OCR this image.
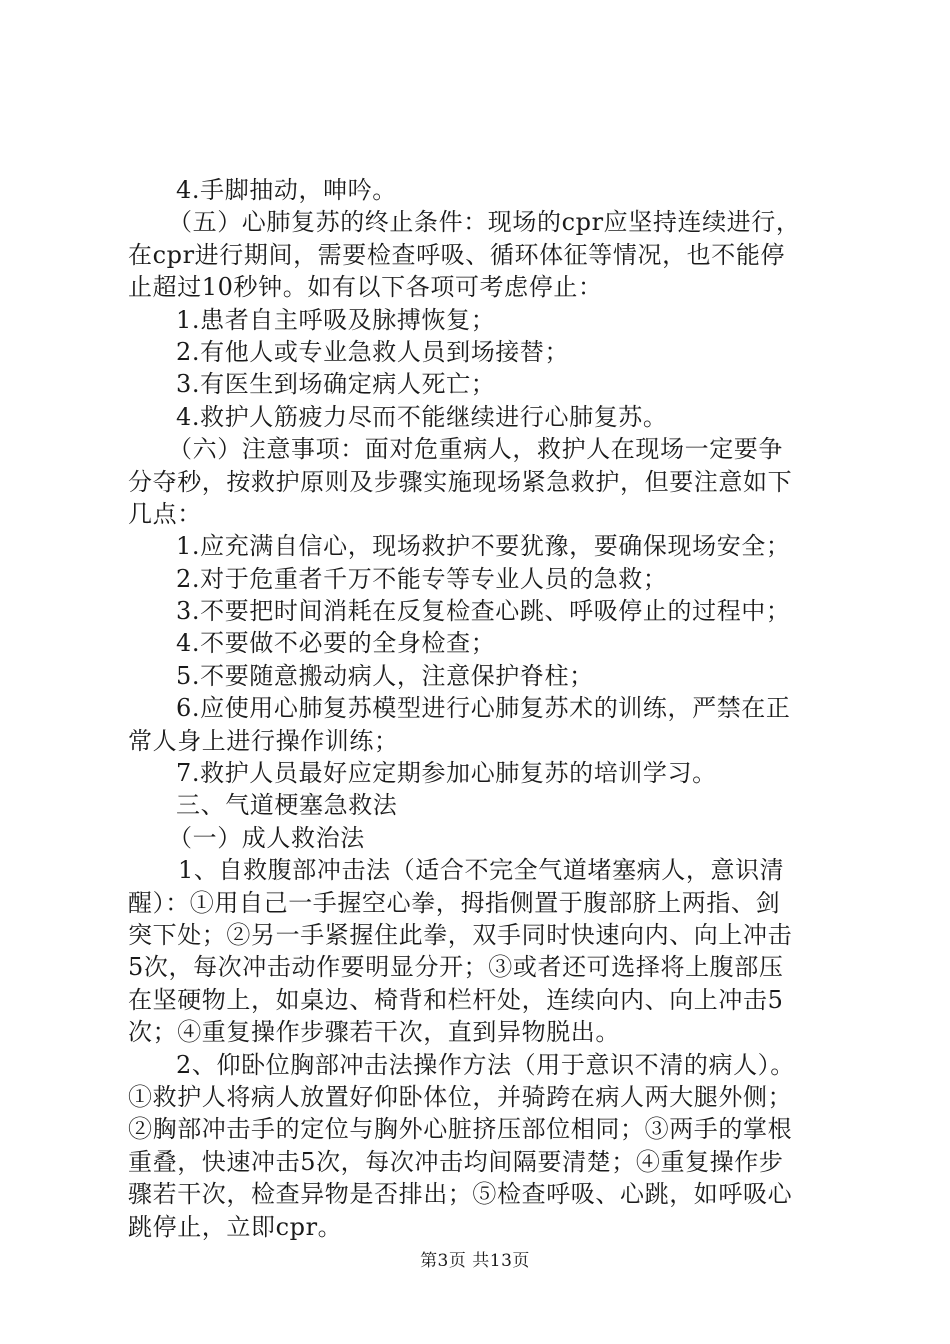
4.手脚抽动，呻吟。
（五）心肺复苏的终止条件：现场的cpr应坚持连续进行，
在cpr进行期间，需要检查呼吸、循环体征等情况，也不能停
止超过10秒钟。如有以下各项可考虑停止：
1.患者自主呼吸及脉搏恢复；
2.有他人或专业急救人员到场接替；
3.有医生到场确定病人死亡；
4.救护人筋疲力尽而不能继续进行心肺复苏。
（六）注意事项：面对危重病人，救护人在现场一定要争
分夺秒，按救护原则及步骤实施现场紧急救护，但要注意如下
几点：
1.应充满自信心，现场救护不要犹豫，要确保现场安全；
2.对于危重者千万不能专等专业人员的急救；
3.不要把时间消耗在反复检查心跳、呼吸停止的过程中；
4.不要做不必要的全身检查；
5.不要随意搬动病人，注意保护脊柱；
6.应使用心肺复苏模型进行心肺复苏术的训练，严禁在正
常人身上进行操作训练；
7.救护人员最好应定期参加心肺复苏的培训学习。
三、气道梗塞急救法
（一）成人救治法
1、自救腹部冲击法（适合不完全气道堵塞病人，意识清
醒）：①用自己一手握空心拳，拇指侧置于腹部脐上两指、剑
突下处；②另一手紧握住此拳，双手同时快速向内、向上冲击
5次，每次冲击动作要明显分开；③或者还可选择将上腹部压
在坚硬物上，如桌边、椅背和栏杆处，连续向内、向上冲击5
次；④重复操作步骤若干次，直到异物脱出。
2、仰卧位胸部冲击法操作方法（用于意识不清的病人）。
①救护人将病人放置好仰卧体位，并骑跨在病人两大腿外侧；
②胸部冲击手的定位与胸外心脏挤压部位相同；③两手的掌根
重叠，快速冲击5次，每次冲击均间隔要清楚；④重复操作步
骤若干次，检查异物是否排出；⑤检查呼吸、心跳，如呼吸心
跳停止，立即cpr。
第3页 共13页
